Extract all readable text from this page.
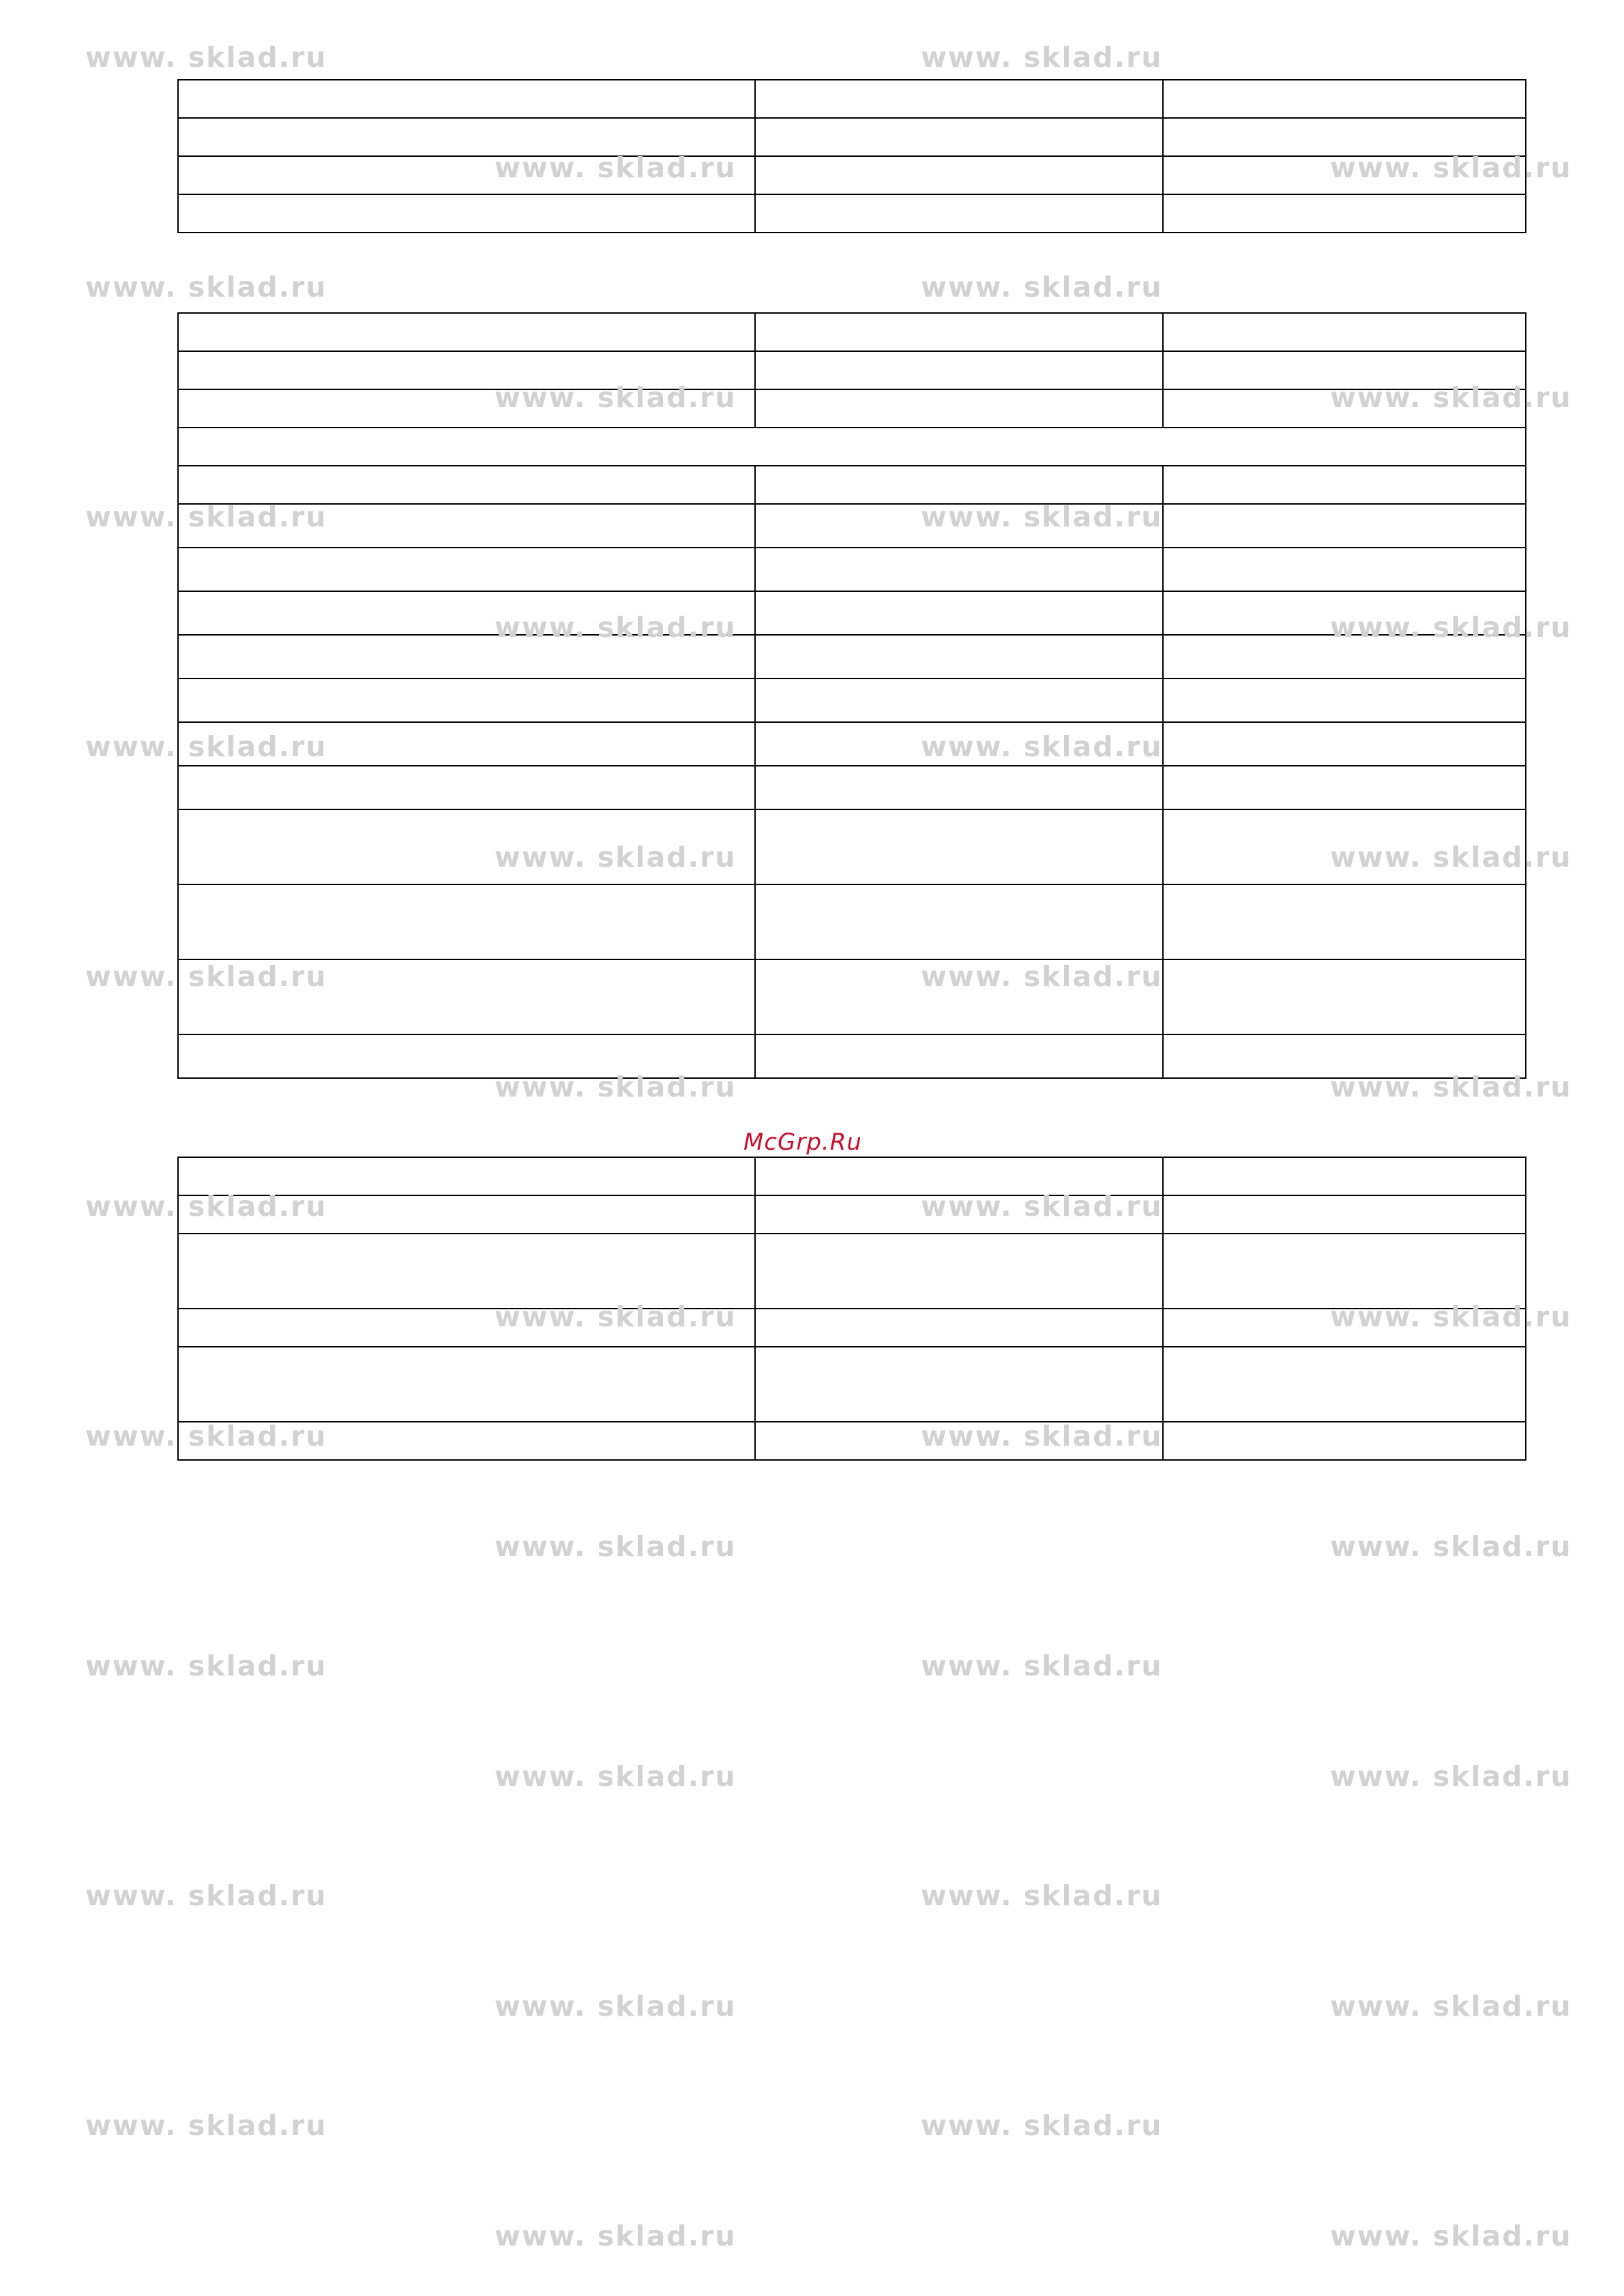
McGrp.Ru
www. sklad.ru	www. sklad.ru
www. sklad.ru	www. sklad.ru
www. sklad.ru	www. sklad.ru
www. sklad.ru	www. sklad.ru
www. sklad.ru	www. sklad.ru
www. sklad.ru	www. sklad.ru
www. sklad.ru	www. sklad.ru
www. sklad.ru	www. sklad.ru
www. sklad.ru	www. sklad.ru
www. sklad.ru	www. sklad.ru
www. sklad.ru	www. sklad.ru
www. sklad.ru	www. sklad.ru
www. sklad.ru	www. sklad.ru
www. sklad.ru	www. sklad.ru
www. sklad.ru	www. sklad.ru
www. sklad.ru	www. sklad.ru
www. sklad.ru	www. sklad.ru
www. sklad.ru	www. sklad.ru
www. sklad.ru	www. sklad.ru
www. sklad.ru	www. sklad.ru
